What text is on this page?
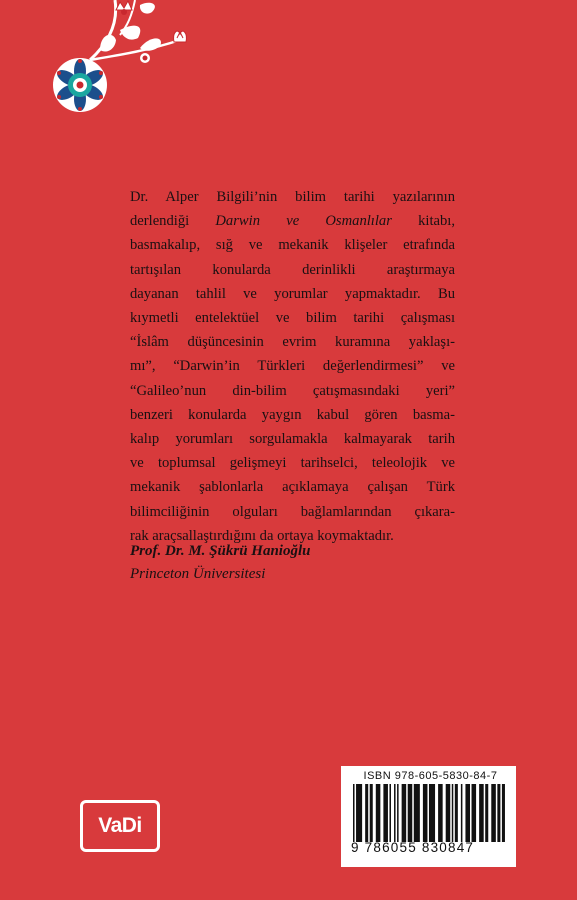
Dr. Alper Bilgili’nin bilim tarihi yazılarının
derlendiği Darwin ve Osmanlılar kitabı,
basmakalıp, sığ ve mekanik klişeler etrafında
tartışılan konularda derinlikli araştırmaya
dayanan tahlil ve yorumlar yapmaktadır. Bu
kıymetli entelektüel ve bilim tarihi çalışması
“İslâm düşüncesinin evrim kuramına yaklaşı-
mı”, “Darwin’in Türkleri değerlendirmesi” ve
“Galileo’nun din-bilim çatışmasındaki yeri”
benzeri konularda yaygın kabul gören basma-
kalıp yorumları sorgulamakla kalmayarak tarih
ve toplumsal gelişmeyi tarihselci, teleolojik ve
mekanik şablonlarla açıklamaya çalışan Türk
bilimciliğinin olguları bağlamlarından çıkara-
rak araçsallaştırdığını da ortaya koymaktadır.
Prof. Dr. M. Şükrü Hanioğlu
Princeton Üniversitesi
VaDi
ISBN 978-605-5830-84-7
9 786055 830847
